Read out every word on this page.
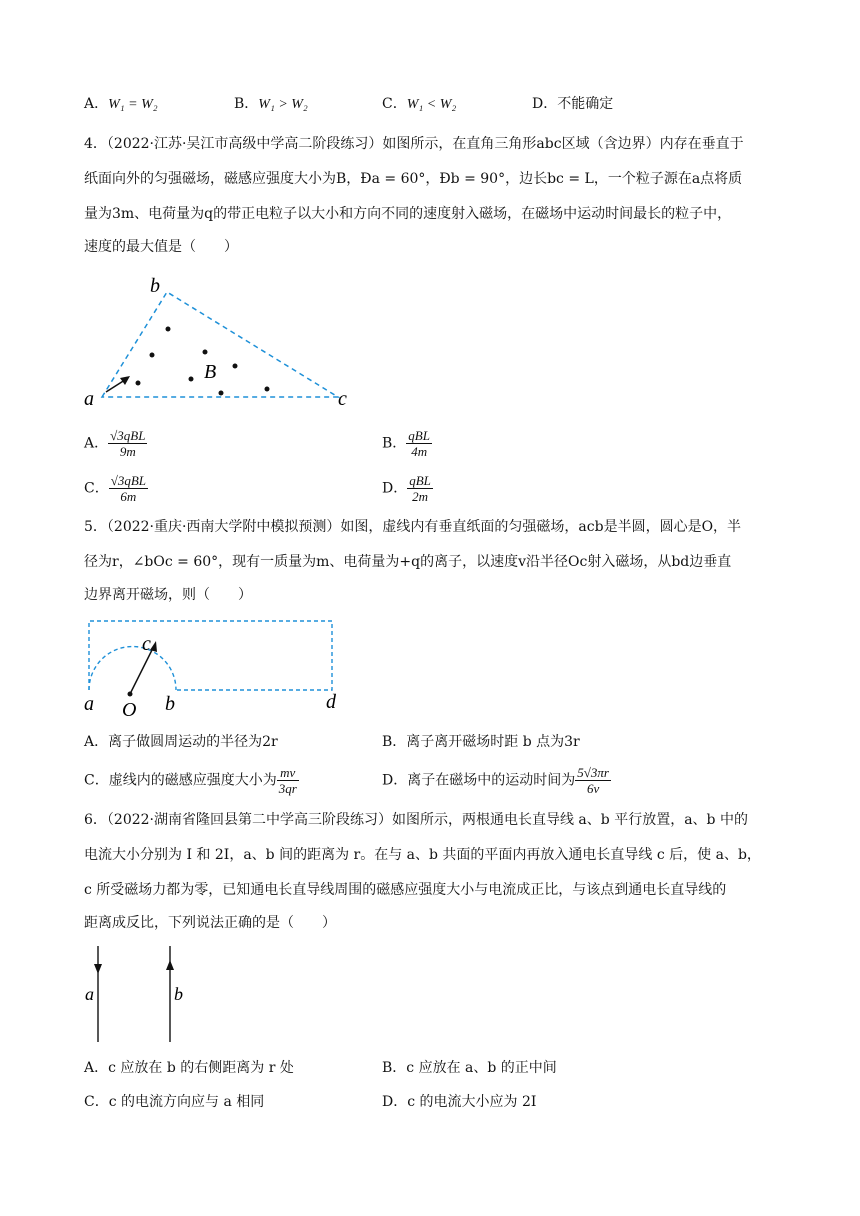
A．W₁ = W₂	B．W₁ > W₂	C．W₁ < W₂	D．不能确定
4．（2022·江苏·吴江市高级中学高二阶段练习）如图所示，在直角三角形abc区域（含边界）内存在垂直于
纸面向外的匀强磁场，磁感应强度大小为B，Ða = 60°，Ðb = 90°，边长bc = L，一个粒子源在a点将质
量为3m、电荷量为q的带正电粒子以大小和方向不同的速度射入磁场，在磁场中运动时间最长的粒子中，
速度的最大值是（　　）
a
b
c
B
A． $\frac{\text{√3qBL}}{9m}$	B． $\frac{\text{qBL}}{4m}$
C． $\frac{\text{√3qBL}}{6m}$	D． $\frac{\text{qBL}}{2m}$
5．（2022·重庆·西南大学附中模拟预测）如图，虚线内有垂直纸面的匀强磁场，acb是半圆，圆心是O，半
径为r，∠bOc = 60°，现有一质量为m、电荷量为+q的离子，以速度v沿半径Oc射入磁场，从bd边垂直
边界离开磁场，则（　　）
a	b
c
d
O
A．离子做圆周运动的半径为2r	B．离子离开磁场时距 b 点为3r
C．虚线内的磁感应强度大小为 $\frac{mv}{3qr}$	D．离子在磁场中的运动时间为 $\frac{5√3\pi r}{6v}$
6．（2022·湖南省隆回县第二中学高三阶段练习）如图所示，两根通电长直导线 a、b 平行放置，a、b 中的
电流大小分别为 I 和 2I，a、b 间的距离为 r。在与 a、b 共面的平面内再放入通电长直导线 c 后，使 a、b，
c 所受磁场力都为零，已知通电长直导线周围的磁感应强度大小与电流成正比，与该点到通电长直导线的
距离成反比，下列说法正确的是（　　）
a	b
A．c 应放在 b 的右侧距离为 r 处	B．c 应放在 a、b 的正中间
C．c 的电流方向应与 a 相同	D．c 的电流大小应为 2I
